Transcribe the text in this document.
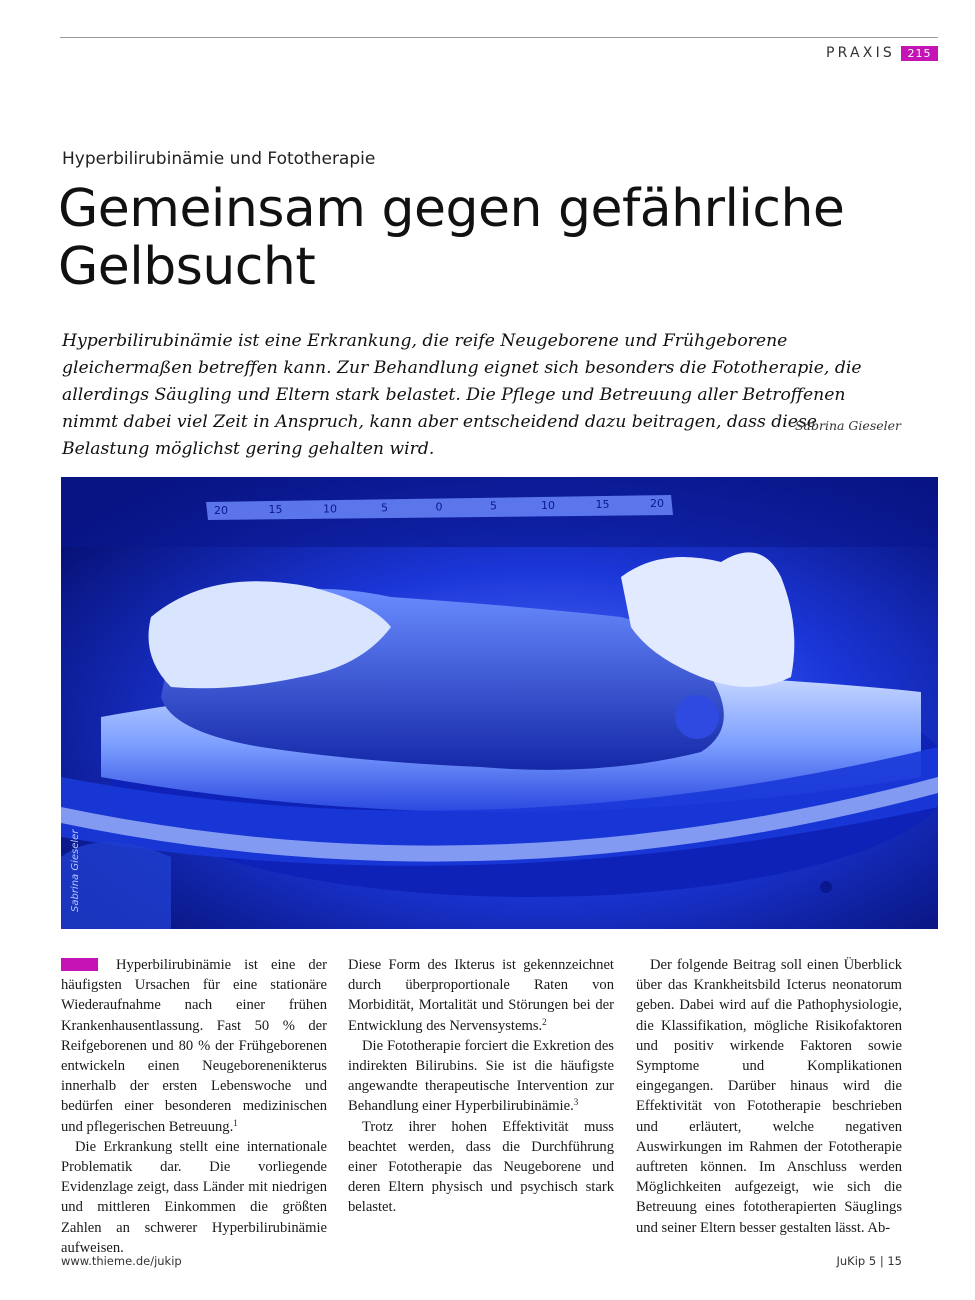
PRAXIS	215
Hyperbilirubinämie und Fototherapie
Gemeinsam gegen gefährliche
Gelbsucht
Hyperbilirubinämie ist eine Erkrankung, die reife Neugeborene und Frühgeborene gleichermaßen betreffen kann. Zur Behandlung eignet sich besonders die Fototherapie, die allerdings Säugling und Eltern stark belastet. Die Pflege und Betreuung aller Betroffenen nimmt dabei viel Zeit in Anspruch, kann aber entscheidend dazu beitragen, dass diese Belastung möglichst gering gehalten wird.
Sabrina Gieseler
20	15	10	5	0	5	10	15	20
Sabrina Gieseler

Hyperbilirubinämie ist eine der häufigsten Ursachen für eine stationäre Wiederaufnahme nach einer frühen Krankenhausentlassung. Fast 50 % der Reifgeborenen und 80 % der Frühgeborenen entwickeln einen Neugeborenenikterus innerhalb der ersten Lebenswoche und bedürfen einer besonderen medizinischen und pflegerischen Betreuung.$^1$

Die Erkrankung stellt eine internationale Problematik dar. Die vorliegende Evidenzlage zeigt, dass Länder mit niedrigen und mittleren Einkommen die größten Zahlen an schwerer Hyperbilirubinämie aufweisen.

Diese Form des Ikterus ist gekennzeichnet durch überproportionale Raten von Morbidität, Mortalität und Störungen bei der Entwicklung des Nervensystems.$^2$

Die Fototherapie forciert die Exkretion des indirekten Bilirubins. Sie ist die häufigste angewandte therapeutische Intervention zur Behandlung einer Hyperbilirubinämie.$^3$

Trotz ihrer hohen Effektivität muss beachtet werden, dass die Durchführung einer Fototherapie das Neugeborene und deren Eltern physisch und psychisch stark belastet.

Der folgende Beitrag soll einen Überblick über das Krankheitsbild Icterus neonatorum geben. Dabei wird auf die Pathophysiologie, die Klassifikation, mögliche Risikofaktoren und positiv wirkende Faktoren sowie Symptome und Komplikationen eingegangen. Darüber hinaus wird die Effektivität von Fototherapie beschrieben und erläutert, welche negativen Auswirkungen im Rahmen der Fototherapie auftreten können. Im Anschluss werden Möglichkeiten aufgezeigt, wie sich die Betreuung eines fototherapierten Säuglings und seiner Eltern besser gestalten lässt. Ab-

www.thieme.de/jukip	JuKip 5 | 15
